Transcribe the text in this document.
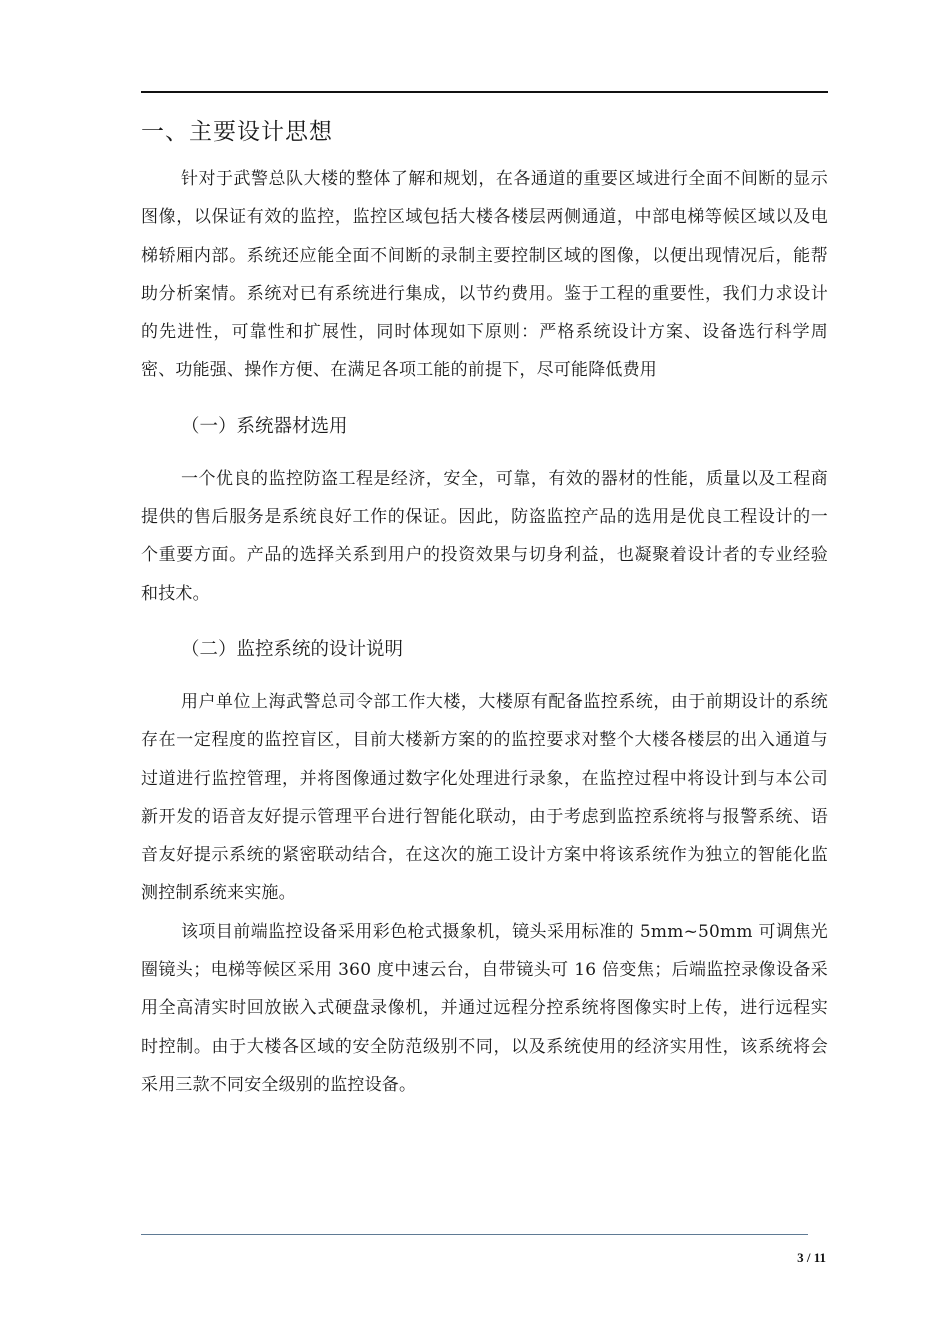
一、主要设计思想

针对于武警总队大楼的整体了解和规划，在各通道的重要区域进行全面不间断的显示图像，以保证有效的监控，监控区域包括大楼各楼层两侧通道，中部电梯等候区域以及电梯轿厢内部。系统还应能全面不间断的录制主要控制区域的图像，以便出现情况后，能帮助分析案情。系统对已有系统进行集成，以节约费用。鉴于工程的重要性，我们力求设计的先进性，可靠性和扩展性，同时体现如下原则：严格系统设计方案、设备选行科学周密、功能强、操作方便、在满足各项工能的前提下，尽可能降低费用

（一）系统器材选用

一个优良的监控防盗工程是经济，安全，可靠，有效的器材的性能，质量以及工程商提供的售后服务是系统良好工作的保证。因此，防盗监控产品的选用是优良工程设计的一个重要方面。产品的选择关系到用户的投资效果与切身利益，也凝聚着设计者的专业经验和技术。

（二）监控系统的设计说明

用户单位上海武警总司令部工作大楼，大楼原有配备监控系统，由于前期设计的系统存在一定程度的监控盲区，目前大楼新方案的的监控要求对整个大楼各楼层的出入通道与过道进行监控管理，并将图像通过数字化处理进行录象，在监控过程中将设计到与本公司新开发的语音友好提示管理平台进行智能化联动，由于考虑到监控系统将与报警系统、语音友好提示系统的紧密联动结合，在这次的施工设计方案中将该系统作为独立的智能化监测控制系统来实施。

该项目前端监控设备采用彩色枪式摄象机，镜头采用标准的 5mm~50mm 可调焦光圈镜头；电梯等候区采用 360 度中速云台，自带镜头可 16 倍变焦；后端监控录像设备采用全高清实时回放嵌入式硬盘录像机，并通过远程分控系统将图像实时上传，进行远程实时控制。由于大楼各区域的安全防范级别不同，以及系统使用的经济实用性，该系统将会采用三款不同安全级别的监控设备。

3 / 11
